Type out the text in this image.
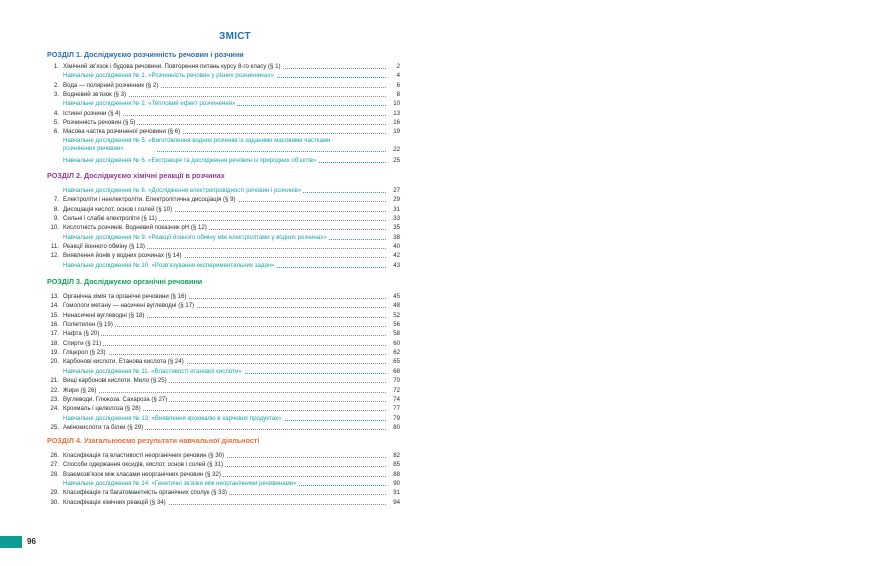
ЗМІСТ
РОЗДІЛ 1. Досліджуємо розчинність речовин і розчини
1. Хімічний зв’язок і будова речовини. Повторення питань курсу 8-го класу (§ 1)	2
Навчальне дослідження № 1. «Розчинність речовин у різних розчинниках»	4
2. Вода — полярний розчинник (§ 2)	6
3. Водневий зв’язок (§ 3)	8
Навчальне дослідження № 2. «Тепловий ефект розчинення»	10
4. Істинні розчини (§ 4)	13
5. Розчинність речовин (§ 5)	16
6. Масова частка розчиненої речовини (§ 6)	19
Навчальне дослідження № 5. «Виготовлення водних розчинів із заданими масовими частками розчинених речовин»	22
Навчальне дослідження № 6. «Екстракція та дослідження речовин із природних об’єктів»	25
РОЗДІЛ 2. Досліджуємо хімічні реакції в розчинах
Навчальне дослідження № 8. «Дослідження електропровідності речовин і розчинів»	27
7. Електроліти і неелектроліти. Електролітична дисоціація (§ 9)	29
8. Дисоціація кислот, основ і солей (§ 10)	31
9. Сильні і слабкі електроліти (§ 11)	33
10. Кислотність розчинів. Водневий показник pH (§ 12)	35
Навчальне дослідження № 9. «Реакції йонного обміну між електролітами у водних розчинах»	38
11. Реакції йонного обміну (§ 13)	40
12. Виявлення йонів у водних розчинах (§ 14)	42
Навчальне дослідження № 10. «Розв’язування експериментальних задач»	43
РОЗДІЛ 3. Досліджуємо органічні речовини
13. Органічна хімія та органічні речовини (§ 16)	45
14. Гомологи метану — насичені вуглеводні (§ 17)	48
15. Ненасичені вуглеводні (§ 18)	52
16. Поліетилен (§ 19)	56
17. Нафта (§ 20)	58
18. Спирти (§ 21)	60
19. Гліцерол (§ 23)	62
20. Карбонові кислоти. Етанова кислота (§ 24)	65
Навчальне дослідження № 11. «Властивості етанової кислоти»	68
21. Вищі карбонові кислоти. Мило (§ 25)	70
22. Жири (§ 26)	72
23. Вуглеводи. Глюкоза. Сахароза (§ 27)	74
24. Крохмаль і целюлоза (§ 28)	77
Навчальне дослідження № 13. «Виявлення крохмалю в харчових продуктах»	79
25. Амінокислоти та білки (§ 29)	80
РОЗДІЛ 4. Узагальнюємо результати навчальної діяльності
26. Класифікація та властивості неорганічних речовин (§ 30)	82
27. Способи одержання оксидів, кислот, основ і солей (§ 31)	85
28. Взаємозв’язок між класами неорганічних речовин (§ 32)	88
Навчальне дослідження № 14. «Генетичні зв’язки між неорганічними речовинами»	90
29. Класифікація та багатоманітність органічних сполук (§ 33)	91
30. Класифікація хімічних реакцій (§ 34)	94
96
